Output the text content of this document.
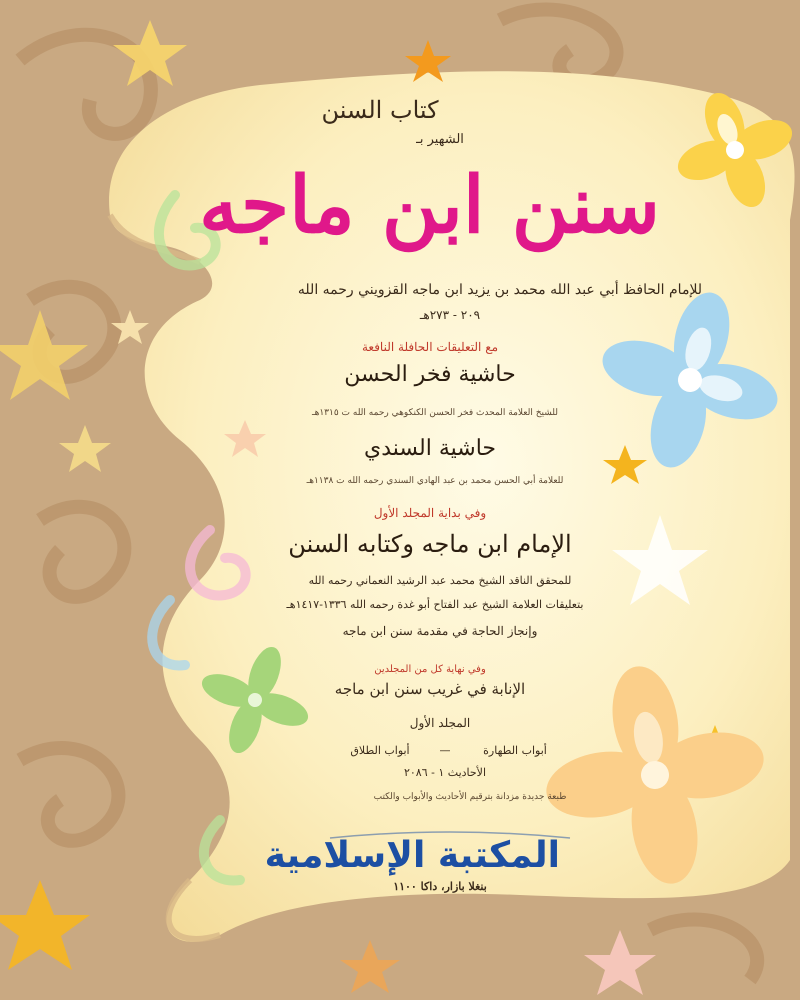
كتاب السنن
الشهير بـ
سنن ابن ماجه
للإمام الحافظ أبي عبد الله محمد بن يزيد ابن ماجه القزويني رحمه الله
٢٠٩ - ٢٧٣هـ
مع التعليقات الحافلة النافعة
حاشية فخر الحسن
للشيخ العلامة المحدث فخر الحسن الكنكوهي رحمه الله ت ١٣١٥هـ
حاشية السندي
للعلامة أبي الحسن محمد بن عبد الهادي السندي رحمه الله ت ١١٣٨هـ
وفي بداية المجلد الأول
الإمام ابن ماجه وكتابه السنن
للمحقق الناقد الشيخ محمد عبد الرشيد النعماني رحمه الله
بتعليقات العلامة الشيخ عبد الفتاح أبو غدة رحمه الله ١٣٣٦-١٤١٧هـ
وإنجاز الحاجة في مقدمة سنن ابن ماجه
وفي نهاية كل من المجلدين
الإنابة في غريب سنن ابن ماجه
المجلد الأول
أبواب الطهارة
—
أبواب الطلاق
الأحاديث ١ - ٢٠٨٦
طبعة جديدة مزدانة بترقيم الأحاديث والأبواب والكتب
المكتبة الإسلامية
بنغلا بازار، داكا ١١٠٠
